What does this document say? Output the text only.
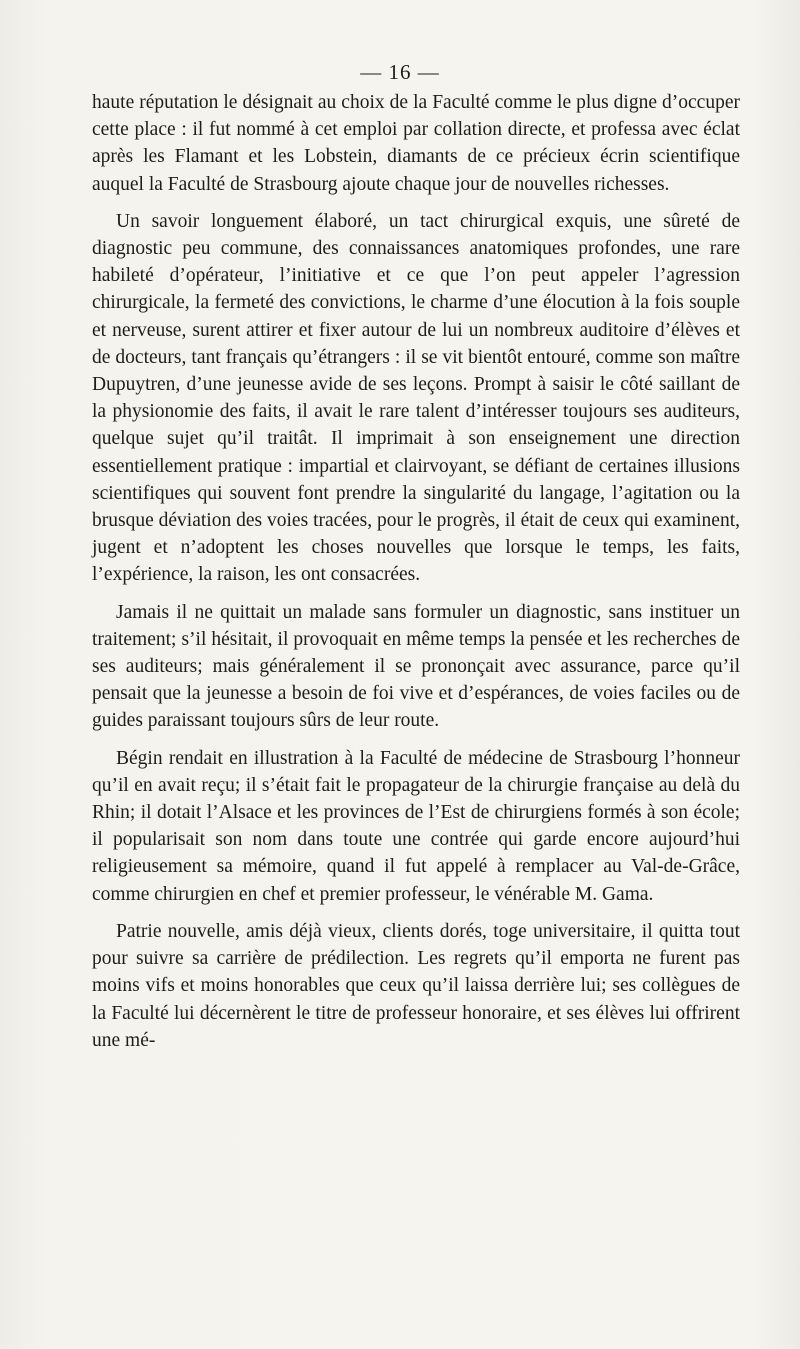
— 16 —

haute réputation le désignait au choix de la Faculté comme le plus digne d’occuper cette place : il fut nommé à cet emploi par collation directe, et professa avec éclat après les Flamant et les Lobstein, diamants de ce précieux écrin scientifique auquel la Faculté de Strasbourg ajoute chaque jour de nouvelles richesses.

Un savoir longuement élaboré, un tact chirurgical exquis, une sûreté de diagnostic peu commune, des connaissances anatomiques profondes, une rare habileté d’opérateur, l’initiative et ce que l’on peut appeler l’agression chirurgicale, la fermeté des convictions, le charme d’une élocution à la fois souple et nerveuse, surent attirer et fixer autour de lui un nombreux auditoire d’élèves et de docteurs, tant français qu’étrangers : il se vit bientôt entouré, comme son maître Dupuytren, d’une jeunesse avide de ses leçons. Prompt à saisir le côté saillant de la physionomie des faits, il avait le rare talent d’intéresser toujours ses auditeurs, quelque sujet qu’il traitât. Il imprimait à son enseignement une direction essentiellement pratique : impartial et clairvoyant, se défiant de certaines illusions scientifiques qui souvent font prendre la singularité du langage, l’agitation ou la brusque déviation des voies tracées, pour le progrès, il était de ceux qui examinent, jugent et n’adoptent les choses nouvelles que lorsque le temps, les faits, l’expérience, la raison, les ont consacrées.

Jamais il ne quittait un malade sans formuler un diagnostic, sans instituer un traitement; s’il hésitait, il provoquait en même temps la pensée et les recherches de ses auditeurs; mais généralement il se prononçait avec assurance, parce qu’il pensait que la jeunesse a besoin de foi vive et d’espérances, de voies faciles ou de guides paraissant toujours sûrs de leur route.

Bégin rendait en illustration à la Faculté de médecine de Strasbourg l’honneur qu’il en avait reçu; il s’était fait le propagateur de la chirurgie française au delà du Rhin; il dotait l’Alsace et les provinces de l’Est de chirurgiens formés à son école; il popularisait son nom dans toute une contrée qui garde encore aujourd’hui religieusement sa mémoire, quand il fut appelé à remplacer au Val-de-Grâce, comme chirurgien en chef et premier professeur, le vénérable M. Gama.

Patrie nouvelle, amis déjà vieux, clients dorés, toge universitaire, il quitta tout pour suivre sa carrière de prédilection. Les regrets qu’il emporta ne furent pas moins vifs et moins honorables que ceux qu’il laissa derrière lui; ses collègues de la Faculté lui décernèrent le titre de professeur honoraire, et ses élèves lui offrirent une mé-
